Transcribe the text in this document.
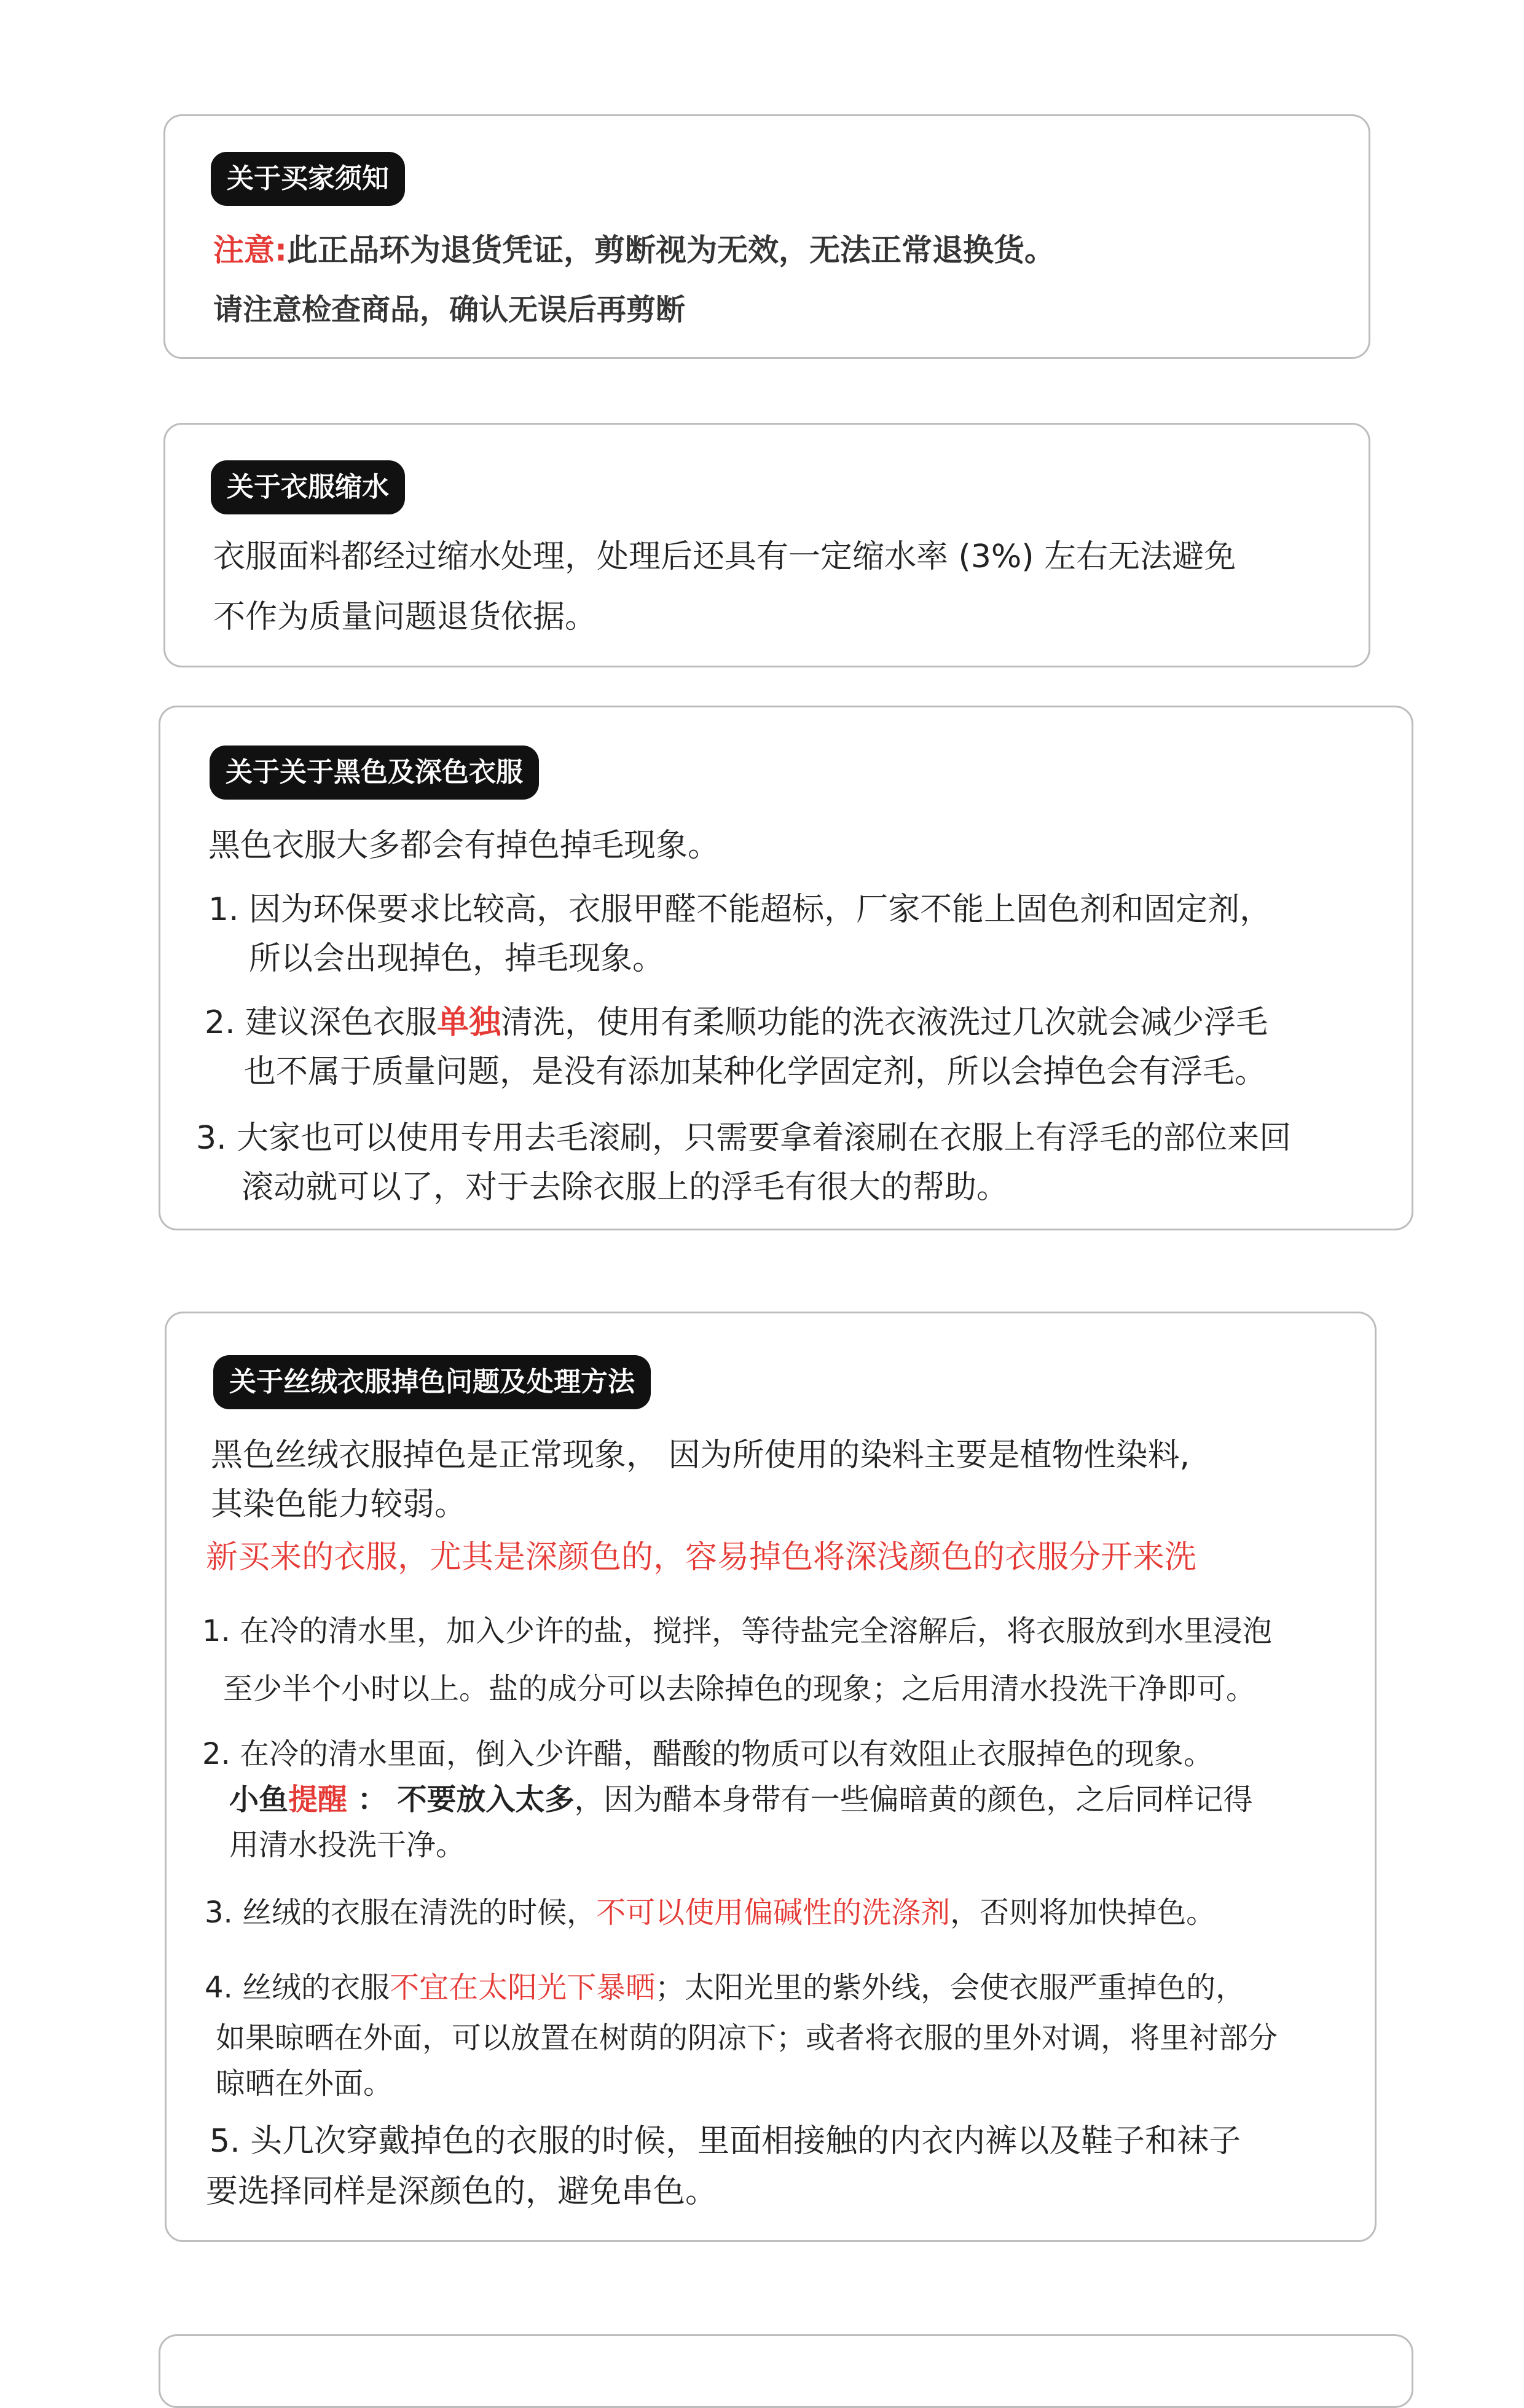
关于买家须知
注意:此正品环为退货凭证，剪断视为无效，无法正常退换货。
请注意检查商品，确认无误后再剪断
关于衣服缩水
衣服面料都经过缩水处理，处理后还具有一定缩水率 (3%) 左右无法避免
不作为质量问题退货依据。
关于关于黑色及深色衣服
黑色衣服大多都会有掉色掉毛现象。
1. 因为环保要求比较高，衣服甲醛不能超标，厂家不能上固色剂和固定剂，
所以会出现掉色，掉毛现象。
2. 建议深色衣服单独清洗，使用有柔顺功能的洗衣液洗过几次就会减少浮毛
也不属于质量问题，是没有添加某种化学固定剂，所以会掉色会有浮毛。
3. 大家也可以使用专用去毛滚刷，只需要拿着滚刷在衣服上有浮毛的部位来回
滚动就可以了，对于去除衣服上的浮毛有很大的帮助。
关于丝绒衣服掉色问题及处理方法
黑色丝绒衣服掉色是正常现象， 因为所使用的染料主要是植物性染料,
其染色能力较弱。
新买来的衣服，尤其是深颜色的，容易掉色将深浅颜色的衣服分开来洗
1. 在冷的清水里，加入少许的盐，搅拌，等待盐完全溶解后，将衣服放到水里浸泡
至少半个小时以上。盐的成分可以去除掉色的现象；之后用清水投洗干净即可。
2. 在冷的清水里面，倒入少许醋，醋酸的物质可以有效阻止衣服掉色的现象。
小鱼提醒 ： 不要放入太多，因为醋本身带有一些偏暗黄的颜色，之后同样记得
用清水投洗干净。
3. 丝绒的衣服在清洗的时候，不可以使用偏碱性的洗涤剂，否则将加快掉色。
4. 丝绒的衣服不宜在太阳光下暴晒；太阳光里的紫外线，会使衣服严重掉色的，
如果晾晒在外面，可以放置在树荫的阴凉下；或者将衣服的里外对调，将里衬部分
晾晒在外面。
5. 头几次穿戴掉色的衣服的时候，里面相接触的内衣内裤以及鞋子和袜子
要选择同样是深颜色的，避免串色。
